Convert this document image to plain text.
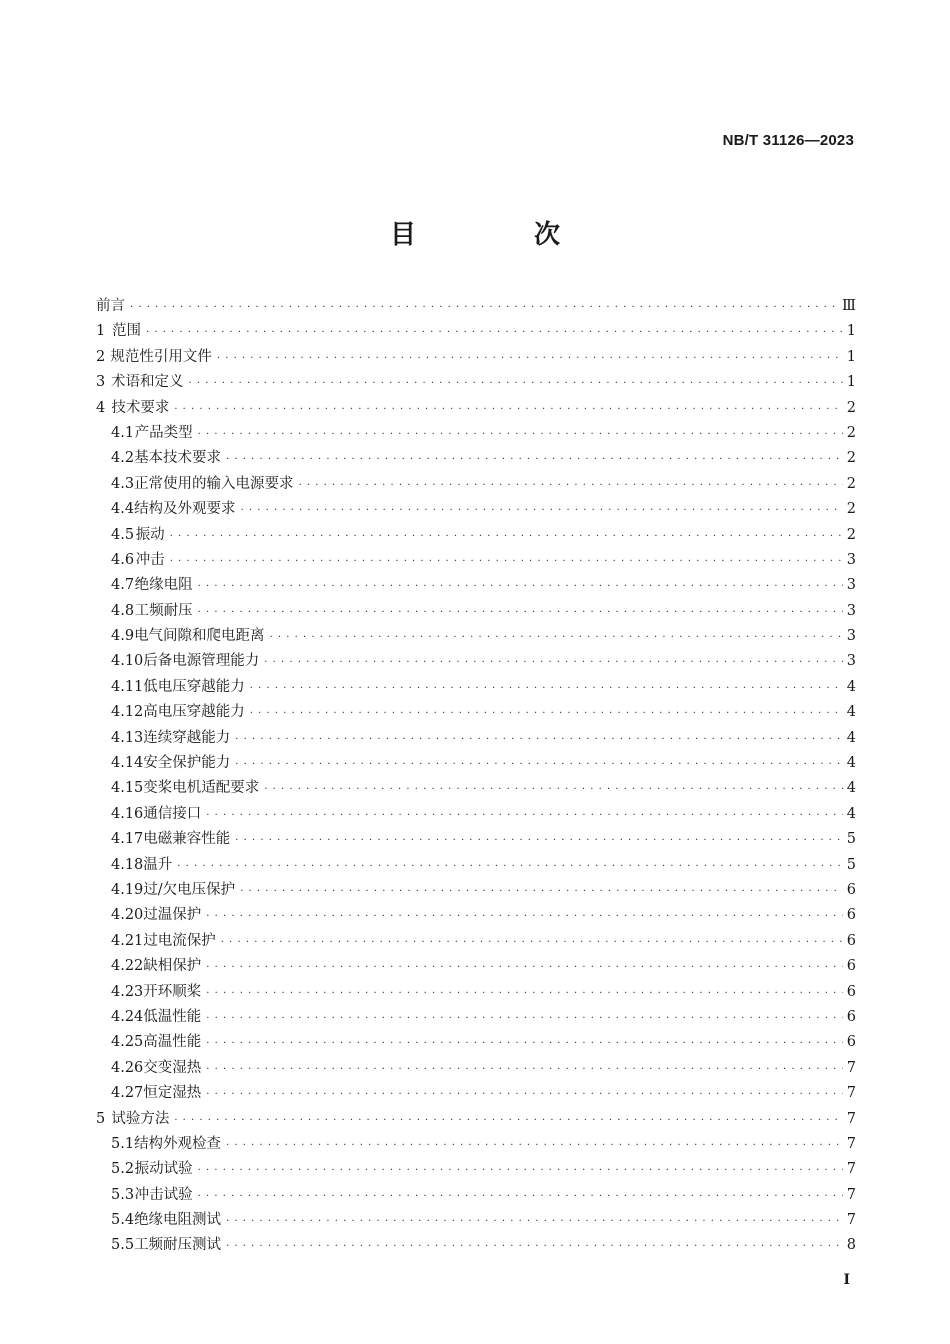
NB/T 31126—2023
目　次
前言 · · ·	Ⅲ
1 范围 · · ·	1
2 规范性引用文件 · · ·	1
3 术语和定义 · · ·	1
4 技术要求 · · ·	2
4.1 产品类型 · · ·	2
4.2 基本技术要求 · · ·	2
4.3 正常使用的输入电源要求 · · ·	2
4.4 结构及外观要求 · · ·	2
4.5 振动 · · ·	2
4.6 冲击 · · ·	3
4.7 绝缘电阻 · · ·	3
4.8 工频耐压 · · ·	3
4.9 电气间隙和爬电距离 · · ·	3
4.10 后备电源管理能力 · · ·	3
4.11 低电压穿越能力 · · ·	4
4.12 高电压穿越能力 · · ·	4
4.13 连续穿越能力 · · ·	4
4.14 安全保护能力 · · ·	4
4.15 变桨电机适配要求 · · ·	4
4.16 通信接口 · · ·	4
4.17 电磁兼容性能 · · ·	5
4.18 温升 · · ·	5
4.19 过/欠电压保护 · · ·	6
4.20 过温保护 · · ·	6
4.21 过电流保护 · · ·	6
4.22 缺相保护 · · ·	6
4.23 开环顺桨 · · ·	6
4.24 低温性能 · · ·	6
4.25 高温性能 · · ·	6
4.26 交变湿热 · · ·	7
4.27 恒定湿热 · · ·	7
5 试验方法 · · ·	7
5.1 结构外观检查 · · ·	7
5.2 振动试验 · · ·	7
5.3 冲击试验 · · ·	7
5.4 绝缘电阻测试 · · ·	7
5.5 工频耐压测试 · · ·	8
I
